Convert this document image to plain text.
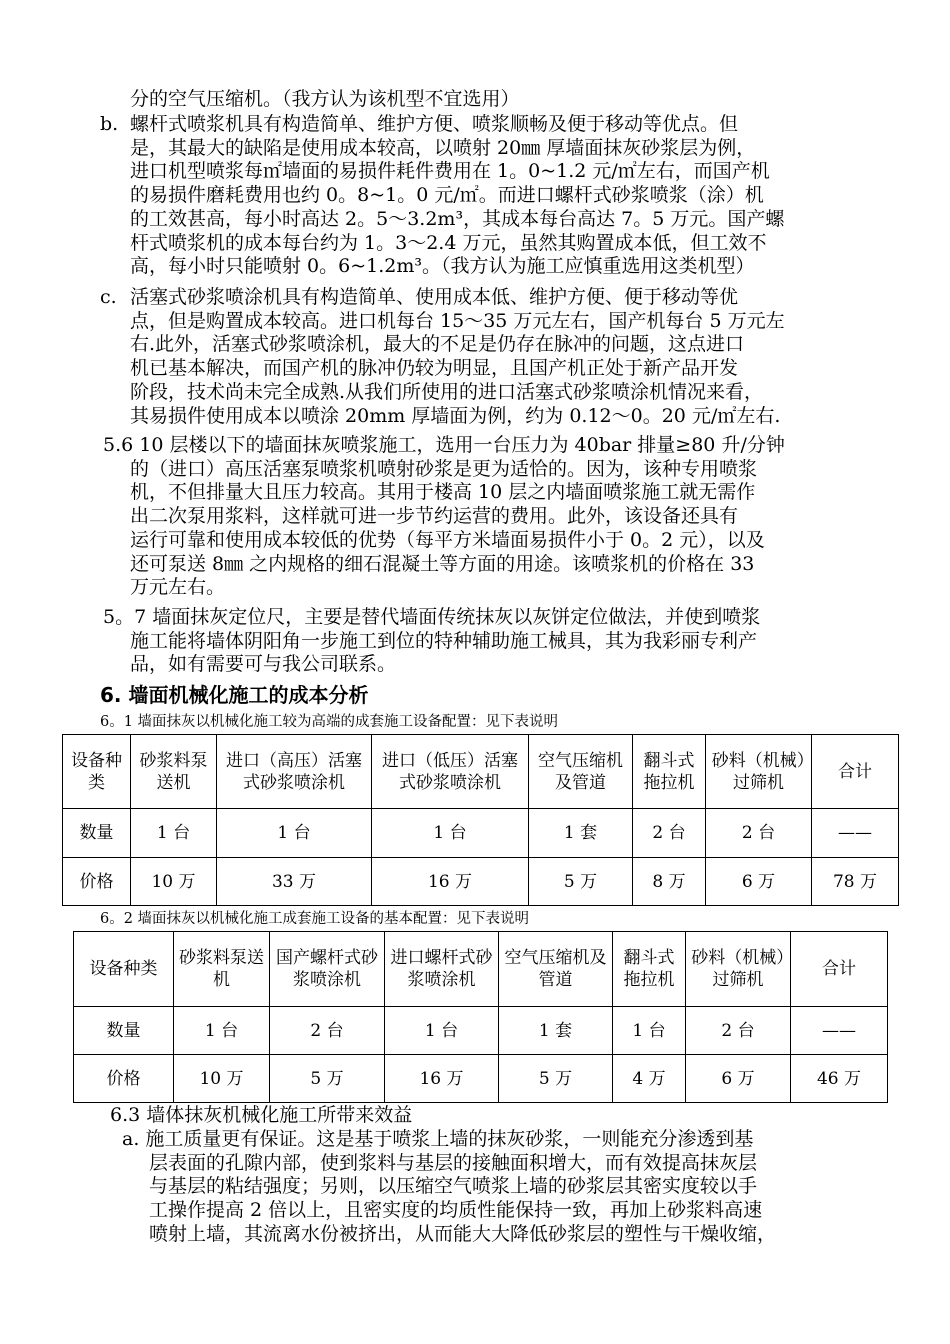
分的空气压缩机。（我方认为该机型不宜选用）
b. 螺杆式喷浆机具有构造简单、维护方便、喷浆顺畅及便于移动等优点。但
是，其最大的缺陷是使用成本较高，以喷射 20㎜ 厚墙面抹灰砂浆层为例，
进口机型喷浆每㎡墙面的易损件耗件费用在 1。0~1.2 元/㎡左右，而国产机
的易损件磨耗费用也约 0。8~1。0 元/㎡。而进口螺杆式砂浆喷浆（涂）机
的工效甚高，每小时高达 2。5～3.2m³，其成本每台高达 7。5 万元。国产螺
杆式喷浆机的成本每台约为 1。3～2.4 万元，虽然其购置成本低，但工效不
高，每小时只能喷射 0。6~1.2m³。（我方认为施工应慎重选用这类机型）
c. 活塞式砂浆喷涂机具有构造简单、使用成本低、维护方便、便于移动等优
点，但是购置成本较高。进口机每台 15～35 万元左右，国产机每台 5 万元左
右.此外，活塞式砂浆喷涂机，最大的不足是仍存在脉冲的问题，这点进口
机已基本解决，而国产机的脉冲仍较为明显，且国产机正处于新产品开发
阶段，技术尚未完全成熟.从我们所使用的进口活塞式砂浆喷涂机情况来看，
其易损件使用成本以喷涂 20mm 厚墙面为例，约为 0.12～0。20 元/㎡左右.
5.6 10 层楼以下的墙面抹灰喷浆施工，选用一台压力为 40bar 排量≥80 升/分钟
的（进口）高压活塞泵喷浆机喷射砂浆是更为适恰的。因为，该种专用喷浆
机，不但排量大且压力较高。其用于楼高 10 层之内墙面喷浆施工就无需作
出二次泵用浆料，这样就可进一步节约运营的费用。此外，该设备还具有
运行可靠和使用成本较低的优势（每平方米墙面易损件小于 0。2 元），以及
还可泵送 8㎜ 之内规格的细石混凝土等方面的用途。该喷浆机的价格在 33
万元左右。
5。7 墙面抹灰定位尺，主要是替代墙面传统抹灰以灰饼定位做法，并使到喷浆
施工能将墙体阴阳角一步施工到位的特种辅助施工械具，其为我彩丽专利产
品，如有需要可与我公司联系。
6. 墙面机械化施工的成本分析
6。1 墙面抹灰以机械化施工较为高端的成套施工设备配置：见下表说明
设备种类	砂浆料泵送机	进口（高压）活塞式砂浆喷涂机	进口（低压）活塞式砂浆喷涂机	空气压缩机及管道	翻斗式拖拉机	砂料（机械）过筛机	合计
数量	1 台	1 台	1 台	1 套	2 台	2 台	——
价格	10 万	33 万	16 万	5 万	8 万	6 万	78 万
6。2 墙面抹灰以机械化施工成套施工设备的基本配置：见下表说明
设备种类	砂浆料泵送机	国产螺杆式砂浆喷涂机	进口螺杆式砂浆喷涂机	空气压缩机及管道	翻斗式拖拉机	砂料（机械）过筛机	合计
数量	1 台	2 台	1 台	1 套	1 台	2 台	——
价格	10 万	5 万	16 万	5 万	4 万	6 万	46 万
6.3 墙体抹灰机械化施工所带来效益
a. 施工质量更有保证。这是基于喷浆上墙的抹灰砂浆，一则能充分渗透到基
层表面的孔隙内部，使到浆料与基层的接触面积增大，而有效提高抹灰层
与基层的粘结强度；另则，以压缩空气喷浆上墙的砂浆层其密实度较以手
工操作提高 2 倍以上，且密实度的均质性能保持一致，再加上砂浆料高速
喷射上墙，其流离水份被挤出，从而能大大降低砂浆层的塑性与干燥收缩，
